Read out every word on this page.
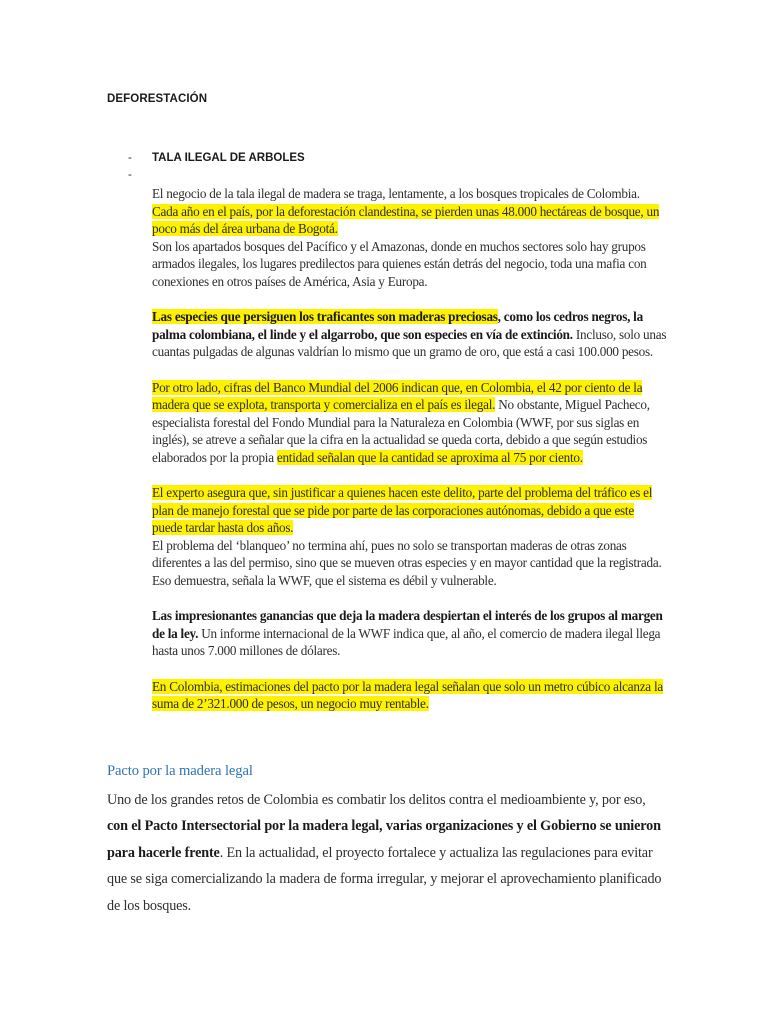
DEFORESTACIÓN
- TALA ILEGAL DE ARBOLES
-

El negocio de la tala ilegal de madera se traga, lentamente, a los bosques tropicales de Colombia. Cada año en el país, por la deforestación clandestina, se pierden unas 48.000 hectáreas de bosque, un poco más del área urbana de Bogotá.

Son los apartados bosques del Pacífico y el Amazonas, donde en muchos sectores solo hay grupos armados ilegales, los lugares predilectos para quienes están detrás del negocio, toda una mafia con conexiones en otros países de América, Asia y Europa.

Las especies que persiguen los traficantes son maderas preciosas, como los cedros negros, la palma colombiana, el linde y el algarrobo, que son especies en vía de extinción. Incluso, solo unas cuantas pulgadas de algunas valdrían lo mismo que un gramo de oro, que está a casi 100.000 pesos.

Por otro lado, cifras del Banco Mundial del 2006 indican que, en Colombia, el 42 por ciento de la madera que se explota, transporta y comercializa en el país es ilegal. No obstante, Miguel Pacheco, especialista forestal del Fondo Mundial para la Naturaleza en Colombia (WWF, por sus siglas en inglés), se atreve a señalar que la cifra en la actualidad se queda corta, debido a que según estudios elaborados por la propia entidad señalan que la cantidad se aproxima al 75 por ciento.

El experto asegura que, sin justificar a quienes hacen este delito, parte del problema del tráfico es el plan de manejo forestal que se pide por parte de las corporaciones autónomas, debido a que este puede tardar hasta dos años.

El problema del ‘blanqueo’ no termina ahí, pues no solo se transportan maderas de otras zonas diferentes a las del permiso, sino que se mueven otras especies y en mayor cantidad que la registrada. Eso demuestra, señala la WWF, que el sistema es débil y vulnerable.

Las impresionantes ganancias que deja la madera despiertan el interés de los grupos al margen de la ley. Un informe internacional de la WWF indica que, al año, el comercio de madera ilegal llega hasta unos 7.000 millones de dólares.

En Colombia, estimaciones del pacto por la madera legal señalan que solo un metro cúbico alcanza la suma de 2’321.000 de pesos, un negocio muy rentable.

Pacto por la madera legal

Uno de los grandes retos de Colombia es combatir los delitos contra el medioambiente y, por eso, con el Pacto Intersectorial por la madera legal, varias organizaciones y el Gobierno se unieron para hacerle frente. En la actualidad, el proyecto fortalece y actualiza las regulaciones para evitar que se siga comercializando la madera de forma irregular, y mejorar el aprovechamiento planificado de los bosques.
